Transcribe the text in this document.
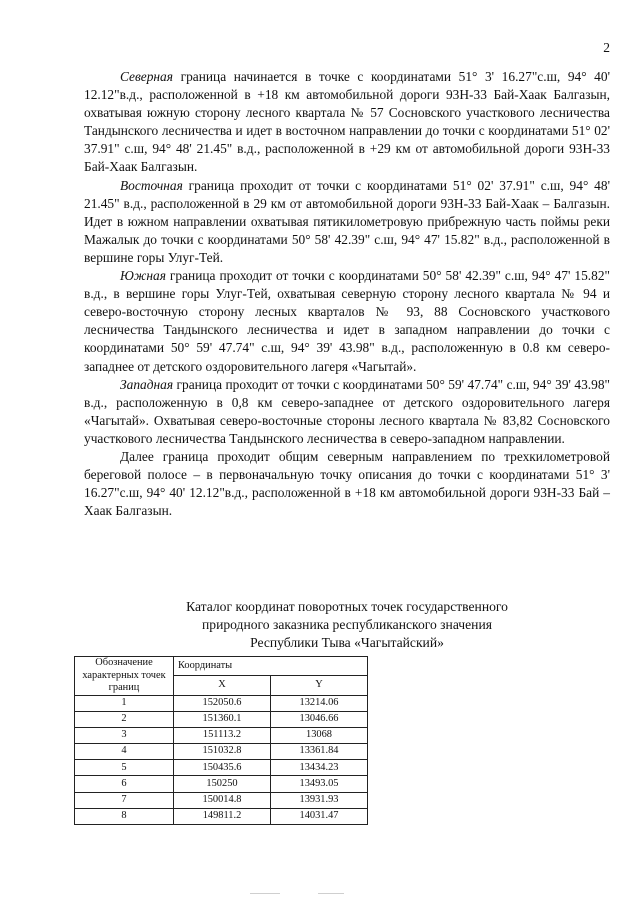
2

Северная граница начинается в точке с координатами 51° 3' 16.27"с.ш, 94° 40' 12.12"в.д., расположенной в +18 км автомобильной дороги 93Н-33 Бай-Хаак Балгазын, охватывая южную сторону лесного квартала № 57 Сосновского участкового лесничества Тандынского лесничества и идет в восточном направлении до точки с координатами 51° 02' 37.91" с.ш, 94° 48' 21.45" в.д., расположенной в +29 км от автомобильной дороги 93Н-33 Бай-Хаак Балгазын.

Восточная граница проходит от точки с координатами 51° 02' 37.91" с.ш, 94° 48' 21.45" в.д., расположенной в 29 км от автомобильной дороги 93Н-33 Бай-Хаак – Балгазын. Идет в южном направлении охватывая пятикилометровую прибрежную часть поймы реки Мажалык до точки с координатами 50° 58' 42.39" с.ш, 94° 47' 15.82" в.д., расположенной в вершине горы Улуг-Тей.

Южная граница проходит от точки с координатами 50° 58' 42.39" с.ш, 94° 47' 15.82" в.д., в вершине горы Улуг-Тей, охватывая северную сторону лесного квартала № 94 и северо-восточную сторону лесных кварталов № 93, 88 Сосновского участкового лесничества Тандынского лесничества и идет в западном направлении до точки с координатами 50° 59' 47.74" с.ш, 94° 39' 43.98" в.д., расположенную в 0.8 км северо-западнее от детского оздоровительного лагеря «Чагытай».

Западная граница проходит от точки с координатами 50° 59' 47.74" с.ш, 94° 39' 43.98" в.д., расположенную в 0,8 км северо-западнее от детского оздоровительного лагеря «Чагытай». Охватывая северо-восточные стороны лесного квартала № 83,82 Сосновского участкового лесничества Тандынского лесничества в северо-западном направлении.

Далее граница проходит общим северным направлением по трехкилометровой береговой полосе – в первоначальную точку описания до точки с координатами 51° 3' 16.27"с.ш, 94° 40' 12.12"в.д., расположенной в +18 км автомобильной дороги 93Н-33 Бай – Хаак Балгазын.

Каталог координат поворотных точек государственного
природного заказника республиканского значения
Республики Тыва «Чагытайский»
Обозначение характерных точек границ	Координаты	
	X	Y
1	152050.6	13214.06
2	151360.1	13046.66
3	151113.2	13068
4	151032.8	13361.84
5	150435.6	13434.23
6	150250	13493.05
7	150014.8	13931.93
8	149811.2	14031.47
